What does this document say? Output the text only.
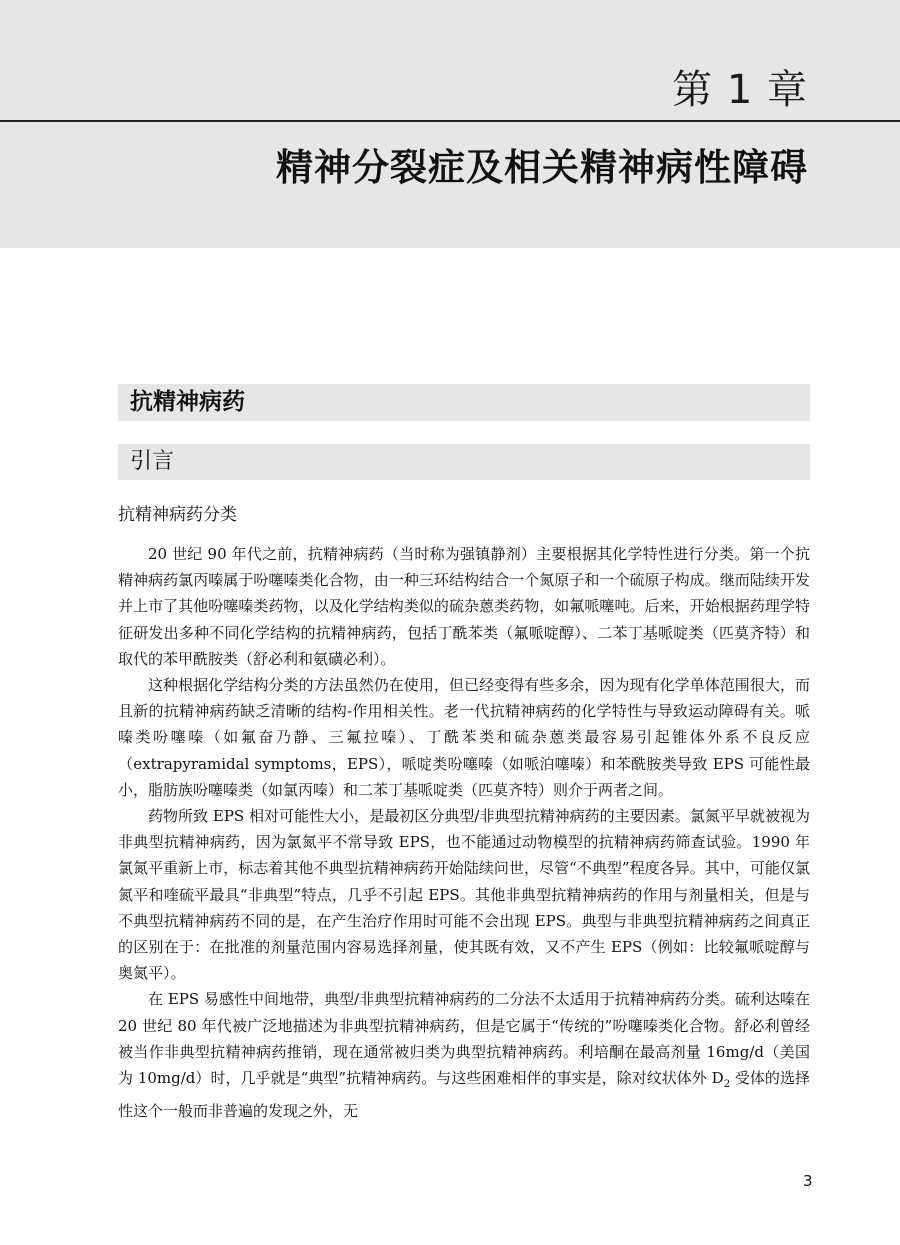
第 1 章
精神分裂症及相关精神病性障碍
抗精神病药
引言
抗精神病药分类

20 世纪 90 年代之前，抗精神病药（当时称为强镇静剂）主要根据其化学特性进行分类。第一个抗精神病药氯丙嗪属于吩噻嗪类化合物，由一种三环结构结合一个氮原子和一个硫原子构成。继而陆续开发并上市了其他吩噻嗪类药物，以及化学结构类似的硫杂蒽类药物，如氟哌噻吨。后来，开始根据药理学特征研发出多种不同化学结构的抗精神病药，包括丁酰苯类（氟哌啶醇）、二苯丁基哌啶类（匹莫齐特）和取代的苯甲酰胺类（舒必利和氨磺必利）。

这种根据化学结构分类的方法虽然仍在使用，但已经变得有些多余，因为现有化学单体范围很大，而且新的抗精神病药缺乏清晰的结构-作用相关性。老一代抗精神病药的化学特性与导致运动障碍有关。哌嗪类吩噻嗪（如氟奋乃静、三氟拉嗪）、丁酰苯类和硫杂蒽类最容易引起锥体外系不良反应（extrapyramidal symptoms，EPS），哌啶类吩噻嗪（如哌泊噻嗪）和苯酰胺类导致 EPS 可能性最小，脂肪族吩噻嗪类（如氯丙嗪）和二苯丁基哌啶类（匹莫齐特）则介于两者之间。

药物所致 EPS 相对可能性大小，是最初区分典型/非典型抗精神病药的主要因素。氯氮平早就被视为非典型抗精神病药，因为氯氮平不常导致 EPS，也不能通过动物模型的抗精神病药筛查试验。1990 年氯氮平重新上市，标志着其他不典型抗精神病药开始陆续问世，尽管“不典型”程度各异。其中，可能仅氯氮平和喹硫平最具“非典型”特点，几乎不引起 EPS。其他非典型抗精神病药的作用与剂量相关，但是与不典型抗精神病药不同的是，在产生治疗作用时可能不会出现 EPS。典型与非典型抗精神病药之间真正的区别在于：在批准的剂量范围内容易选择剂量，使其既有效，又不产生 EPS（例如：比较氟哌啶醇与奥氮平）。

在 EPS 易感性中间地带，典型/非典型抗精神病药的二分法不太适用于抗精神病药分类。硫利达嗪在 20 世纪 80 年代被广泛地描述为非典型抗精神病药，但是它属于“传统的”吩噻嗪类化合物。舒必利曾经被当作非典型抗精神病药推销，现在通常被归类为典型抗精神病药。利培酮在最高剂量 16mg/d（美国为 10mg/d）时，几乎就是“典型”抗精神病药。与这些困难相伴的事实是，除对纹状体外 $D_2$ 受体的选择性这个一般而非普遍的发现之外，无

3
